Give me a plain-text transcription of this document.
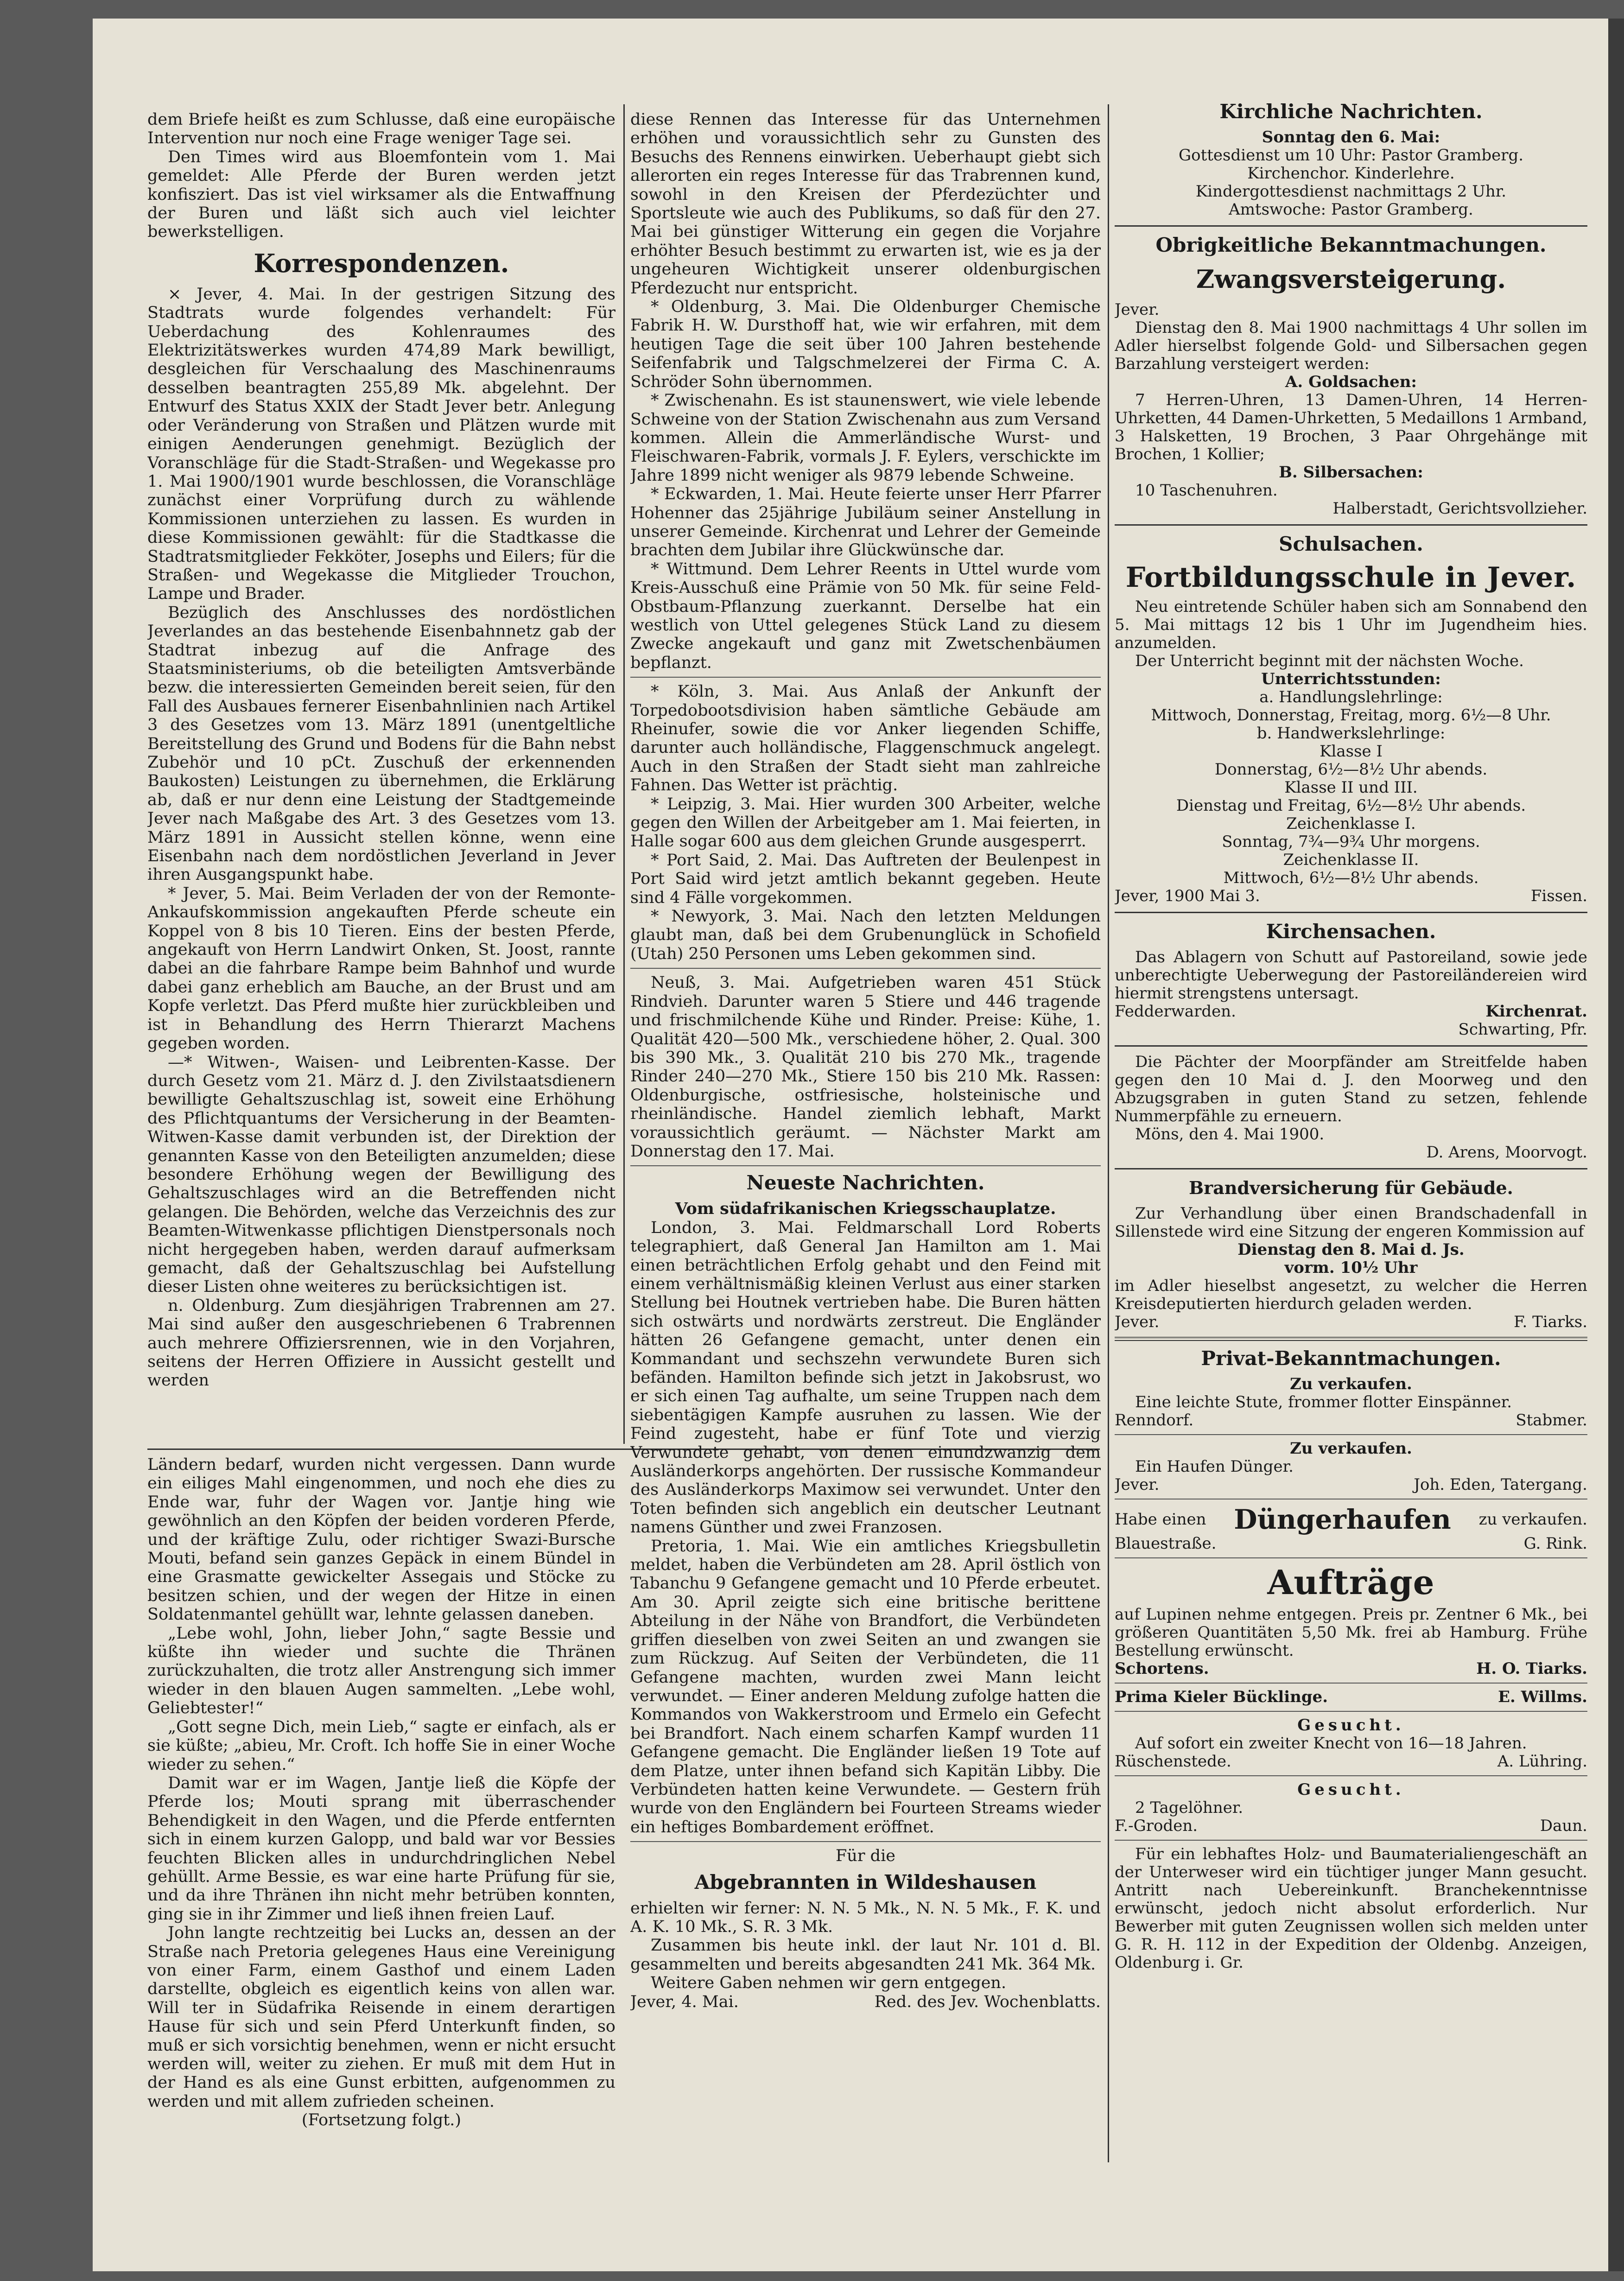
dem Briefe heißt es zum Schlusse, daß eine europäische Intervention nur noch eine Frage weniger Tage sei.

Den Times wird aus Bloemfontein vom 1. Mai gemeldet: Alle Pferde der Buren werden jetzt konfisziert. Das ist viel wirksamer als die Entwaffnung der Buren und läßt sich auch viel leichter bewerkstelligen.

Korrespondenzen.

⨯ Jever, 4. Mai. In der gestrigen Sitzung des Stadtrats wurde folgendes verhandelt: Für Ueberdachung des Kohlenraumes des Elektrizitätswerkes wurden 474,89 Mark bewilligt, desgleichen für Verschaalung des Maschinenraums desselben beantragten 255,89 Mk. abgelehnt. Der Entwurf des Status XXIX der Stadt Jever betr. Anlegung oder Veränderung von Straßen und Plätzen wurde mit einigen Aenderungen genehmigt. Bezüglich der Voranschläge für die Stadt-Straßen- und Wegekasse pro 1. Mai 1900/1901 wurde beschlossen, die Voranschläge zunächst einer Vorprüfung durch zu wählende Kommissionen unterziehen zu lassen. Es wurden in diese Kommissionen gewählt: für die Stadtkasse die Stadtratsmitglieder Fekköter, Josephs und Eilers; für die Straßen- und Wegekasse die Mitglieder Trouchon, Lampe und Brader.

Bezüglich des Anschlusses des nordöstlichen Jeverlandes an das bestehende Eisenbahnnetz gab der Stadtrat inbezug auf die Anfrage des Staatsministeriums, ob die beteiligten Amtsverbände bezw. die interessierten Gemeinden bereit seien, für den Fall des Ausbaues fernerer Eisenbahnlinien nach Artikel 3 des Gesetzes vom 13. März 1891 (unentgeltliche Bereitstellung des Grund und Bodens für die Bahn nebst Zubehör und 10 pCt. Zuschuß der erkennenden Baukosten) Leistungen zu übernehmen, die Erklärung ab, daß er nur denn eine Leistung der Stadtgemeinde Jever nach Maßgabe des Art. 3 des Gesetzes vom 13. März 1891 in Aussicht stellen könne, wenn eine Eisenbahn nach dem nordöstlichen Jeverland in Jever ihren Ausgangspunkt habe.

* Jever, 5. Mai. Beim Verladen der von der Remonte-Ankaufskommission angekauften Pferde scheute ein Koppel von 8 bis 10 Tieren. Eins der besten Pferde, angekauft von Herrn Landwirt Onken, St. Joost, rannte dabei an die fahrbare Rampe beim Bahnhof und wurde dabei ganz erheblich am Bauche, an der Brust und am Kopfe verletzt. Das Pferd mußte hier zurückbleiben und ist in Behandlung des Herrn Thierarzt Machens gegeben worden.

—* Witwen-, Waisen- und Leibrenten-Kasse. Der durch Gesetz vom 21. März d. J. den Zivilstaatsdienern bewilligte Gehaltszuschlag ist, soweit eine Erhöhung des Pflichtquantums der Versicherung in der Beamten-Witwen-Kasse damit verbunden ist, der Direktion der genannten Kasse von den Beteiligten anzumelden; diese besondere Erhöhung wegen der Bewilligung des Gehaltszuschlages wird an die Betreffenden nicht gelangen. Die Behörden, welche das Verzeichnis des zur Beamten-Witwenkasse pflichtigen Dienstpersonals noch nicht hergegeben haben, werden darauf aufmerksam gemacht, daß der Gehaltszuschlag bei Aufstellung dieser Listen ohne weiteres zu berücksichtigen ist.

n. Oldenburg. Zum diesjährigen Trabrennen am 27. Mai sind außer den ausgeschriebenen 6 Trabrennen auch mehrere Offiziersrennen, wie in den Vorjahren, seitens der Herren Offiziere in Aussicht gestellt und werden

Ländern bedarf, wurden nicht vergessen. Dann wurde ein eiliges Mahl eingenommen, und noch ehe dies zu Ende war, fuhr der Wagen vor. Jantje hing wie gewöhnlich an den Köpfen der beiden vorderen Pferde, und der kräftige Zulu, oder richtiger Swazi-Bursche Mouti, befand sein ganzes Gepäck in einem Bündel in eine Grasmatte gewickelter Assegais und Stöcke zu besitzen schien, und der wegen der Hitze in einen Soldatenmantel gehüllt war, lehnte gelassen daneben.

„Lebe wohl, John, lieber John,“ sagte Bessie und küßte ihn wieder und suchte die Thränen zurückzuhalten, die trotz aller Anstrengung sich immer wieder in den blauen Augen sammelten. „Lebe wohl, Geliebtester!“

„Gott segne Dich, mein Lieb,“ sagte er einfach, als er sie küßte; „abieu, Mr. Croft. Ich hoffe Sie in einer Woche wieder zu sehen.“

Damit war er im Wagen, Jantje ließ die Köpfe der Pferde los; Mouti sprang mit überraschender Behendigkeit in den Wagen, und die Pferde entfernten sich in einem kurzen Galopp, und bald war vor Bessies feuchten Blicken alles in undurchdringlichen Nebel gehüllt. Arme Bessie, es war eine harte Prüfung für sie, und da ihre Thränen ihn nicht mehr betrüben konnten, ging sie in ihr Zimmer und ließ ihnen freien Lauf.

John langte rechtzeitig bei Lucks an, dessen an der Straße nach Pretoria gelegenes Haus eine Vereinigung von einer Farm, einem Gasthof und einem Laden darstellte, obgleich es eigentlich keins von allen war. Will ter in Südafrika Reisende in einem derartigen Hause für sich und sein Pferd Unterkunft finden, so muß er sich vorsichtig benehmen, wenn er nicht ersucht werden will, weiter zu ziehen. Er muß mit dem Hut in der Hand es als eine Gunst erbitten, aufgenommen zu werden und mit allem zufrieden scheinen.

(Fortsetzung folgt.)

diese Rennen das Interesse für das Unternehmen erhöhen und voraussichtlich sehr zu Gunsten des Besuchs des Rennens einwirken. Ueberhaupt giebt sich allerorten ein reges Interesse für das Trabrennen kund, sowohl in den Kreisen der Pferdezüchter und Sportsleute wie auch des Publikums, so daß für den 27. Mai bei günstiger Witterung ein gegen die Vorjahre erhöhter Besuch bestimmt zu erwarten ist, wie es ja der ungeheuren Wichtigkeit unserer oldenburgischen Pferdezucht nur entspricht.

* Oldenburg, 3. Mai. Die Oldenburger Chemische Fabrik H. W. Dursthoff hat, wie wir erfahren, mit dem heutigen Tage die seit über 100 Jahren bestehende Seifenfabrik und Talgschmelzerei der Firma C. A. Schröder Sohn übernommen.

* Zwischenahn. Es ist staunenswert, wie viele lebende Schweine von der Station Zwischenahn aus zum Versand kommen. Allein die Ammerländische Wurst- und Fleischwaren-Fabrik, vormals J. F. Eylers, verschickte im Jahre 1899 nicht weniger als 9879 lebende Schweine.

* Eckwarden, 1. Mai. Heute feierte unser Herr Pfarrer Hohenner das 25jährige Jubiläum seiner Anstellung in unserer Gemeinde. Kirchenrat und Lehrer der Gemeinde brachten dem Jubilar ihre Glückwünsche dar.

* Wittmund. Dem Lehrer Reents in Uttel wurde vom Kreis-Ausschuß eine Prämie von 50 Mk. für seine Feld-Obstbaum-Pflanzung zuerkannt. Derselbe hat ein westlich von Uttel gelegenes Stück Land zu diesem Zwecke angekauft und ganz mit Zwetschenbäumen bepflanzt.

* Köln, 3. Mai. Aus Anlaß der Ankunft der Torpedobootsdivision haben sämtliche Gebäude am Rheinufer, sowie die vor Anker liegenden Schiffe, darunter auch holländische, Flaggenschmuck angelegt. Auch in den Straßen der Stadt sieht man zahlreiche Fahnen. Das Wetter ist prächtig.

* Leipzig, 3. Mai. Hier wurden 300 Arbeiter, welche gegen den Willen der Arbeitgeber am 1. Mai feierten, in Halle sogar 600 aus dem gleichen Grunde ausgesperrt.

* Port Said, 2. Mai. Das Auftreten der Beulenpest in Port Said wird jetzt amtlich bekannt gegeben. Heute sind 4 Fälle vorgekommen.

* Newyork, 3. Mai. Nach den letzten Meldungen glaubt man, daß bei dem Grubenunglück in Schofield (Utah) 250 Personen ums Leben gekommen sind.

Neuß, 3. Mai. Aufgetrieben waren 451 Stück Rindvieh. Darunter waren 5 Stiere und 446 tragende und frischmilchende Kühe und Rinder. Preise: Kühe, 1. Qualität 420—500 Mk., verschiedene höher, 2. Qual. 300 bis 390 Mk., 3. Qualität 210 bis 270 Mk., tragende Rinder 240—270 Mk., Stiere 150 bis 210 Mk. Rassen: Oldenburgische, ostfriesische, holsteinische und rheinländische. Handel ziemlich lebhaft, Markt voraussichtlich geräumt. — Nächster Markt am Donnerstag den 17. Mai.

Neueste Nachrichten.
Vom südafrikanischen Kriegsschauplatze.

London, 3. Mai. Feldmarschall Lord Roberts telegraphiert, daß General Jan Hamilton am 1. Mai einen beträchtlichen Erfolg gehabt und den Feind mit einem verhältnismäßig kleinen Verlust aus einer starken Stellung bei Houtnek vertrieben habe. Die Buren hätten sich ostwärts und nordwärts zerstreut. Die Engländer hätten 26 Gefangene gemacht, unter denen ein Kommandant und sechszehn verwundete Buren sich befänden. Hamilton befinde sich jetzt in Jakobsrust, wo er sich einen Tag aufhalte, um seine Truppen nach dem siebentägigen Kampfe ausruhen zu lassen. Wie der Feind zugesteht, habe er fünf Tote und vierzig Verwundete gehabt, von denen einundzwanzig dem Ausländerkorps angehörten. Der russische Kommandeur des Ausländerkorps Maximow sei verwundet. Unter den Toten befinden sich angeblich ein deutscher Leutnant namens Günther und zwei Franzosen.

Pretoria, 1. Mai. Wie ein amtliches Kriegsbulletin meldet, haben die Verbündeten am 28. April östlich von Tabanchu 9 Gefangene gemacht und 10 Pferde erbeutet. Am 30. April zeigte sich eine britische berittene Abteilung in der Nähe von Brandfort, die Verbündeten griffen dieselben von zwei Seiten an und zwangen sie zum Rückzug. Auf Seiten der Verbündeten, die 11 Gefangene machten, wurden zwei Mann leicht verwundet. — Einer anderen Meldung zufolge hatten die Kommandos von Wakkerstroom und Ermelo ein Gefecht bei Brandfort. Nach einem scharfen Kampf wurden 11 Gefangene gemacht. Die Engländer ließen 19 Tote auf dem Platze, unter ihnen befand sich Kapitän Libby. Die Verbündeten hatten keine Verwundete. — Gestern früh wurde von den Engländern bei Fourteen Streams wieder ein heftiges Bombardement eröffnet.

Für die
Abgebrannten in Wildeshausen

erhielten wir ferner: N. N. 5 Mk., N. N. 5 Mk., F. K. und A. K. 10 Mk., S. R. 3 Mk.

Zusammen bis heute inkl. der laut Nr. 101 d. Bl. gesammelten und bereits abgesandten 241 Mk. 364 Mk.

Weitere Gaben nehmen wir gern entgegen.

Jever, 4. Mai.	Red. des Jev. Wochenblatts.
Kirchliche Nachrichten.
Sonntag den 6. Mai:
Gottesdienst um 10 Uhr: Pastor Gramberg.
Kirchenchor. Kinderlehre.
Kindergottesdienst nachmittags 2 Uhr.
Amtswoche: Pastor Gramberg.
Obrigkeitliche Bekanntmachungen.
Zwangsversteigerung.

Jever.

Dienstag den 8. Mai 1900 nachmittags 4 Uhr sollen im Adler hierselbst folgende Gold- und Silbersachen gegen Barzahlung versteigert werden:

A. Goldsachen:

7 Herren-Uhren, 13 Damen-Uhren, 14 Herren-Uhrketten, 44 Damen-Uhrketten, 5 Medaillons 1 Armband, 3 Halsketten, 19 Brochen, 3 Paar Ohrgehänge mit Brochen, 1 Kollier;

B. Silbersachen:

10 Taschenuhren.

Halberstadt, Gerichtsvollzieher.
Schulsachen.
Fortbildungsschule in Jever.

Neu eintretende Schüler haben sich am Sonnabend den 5. Mai mittags 12 bis 1 Uhr im Jugendheim hies. anzumelden.

Der Unterricht beginnt mit der nächsten Woche.

Unterrichtsstunden:
a. Handlungslehrlinge:
Mittwoch, Donnerstag, Freitag, morg. 6½—8 Uhr.
b. Handwerkslehrlinge:
Klasse I
Donnerstag, 6½—8½ Uhr abends.
Klasse II und III.
Dienstag und Freitag, 6½—8½ Uhr abends.
Zeichenklasse I.
Sonntag, 7¾—9¾ Uhr morgens.
Zeichenklasse II.
Mittwoch, 6½—8½ Uhr abends.
Jever, 1900 Mai 3.	Fissen.
Kirchensachen.

Das Ablagern von Schutt auf Pastoreiland, sowie jede unberechtigte Ueberwegung der Pastoreiländereien wird hiermit strengstens untersagt.

Fedderwarden.	Kirchenrat.
Schwarting, Pfr.

Die Pächter der Moorpfänder am Streitfelde haben gegen den 10 Mai d. J. den Moorweg und den Abzugsgraben in guten Stand zu setzen, fehlende Nummerpfähle zu erneuern.

Möns, den 4. Mai 1900.

D. Arens, Moorvogt.
Brandversicherung für Gebäude.

Zur Verhandlung über einen Brandschadenfall in Sillenstede wird eine Sitzung der engeren Kommission auf

Dienstag den 8. Mai d. Js.
vorm. 10½ Uhr

im Adler hieselbst angesetzt, zu welcher die Herren Kreisdeputierten hierdurch geladen werden.

Jever.	F. Tiarks.
Privat-Bekanntmachungen.
Zu verkaufen.

Eine leichte Stute, frommer flotter Einspänner.

Renndorf.	Stabmer.
Zu verkaufen.

Ein Haufen Dünger.

Jever.	Joh. Eden, Tatergang.
Habe einen Düngerhaufen zu verkaufen.
Blauestraße.	G. Rink.
Aufträge

auf Lupinen nehme entgegen. Preis pr. Zentner 6 Mk., bei größeren Quantitäten 5,50 Mk. frei ab Hamburg. Frühe Bestellung erwünscht.

Schortens.	H. O. Tiarks.
Prima Kieler Bücklinge.	E. Willms.
Gesucht.

Auf sofort ein zweiter Knecht von 16—18 Jahren.

Rüschenstede.	A. Lühring.
Gesucht.

2 Tagelöhner.

F.-Groden.	Daun.

Für ein lebhaftes Holz- und Baumaterialiengeschäft an der Unterweser wird ein tüchtiger junger Mann gesucht. Antritt nach Uebereinkunft. Branchekenntnisse erwünscht, jedoch nicht absolut erforderlich. Nur Bewerber mit guten Zeugnissen wollen sich melden unter G. R. H. 112 in der Expedition der Oldenbg. Anzeigen, Oldenburg i. Gr.
